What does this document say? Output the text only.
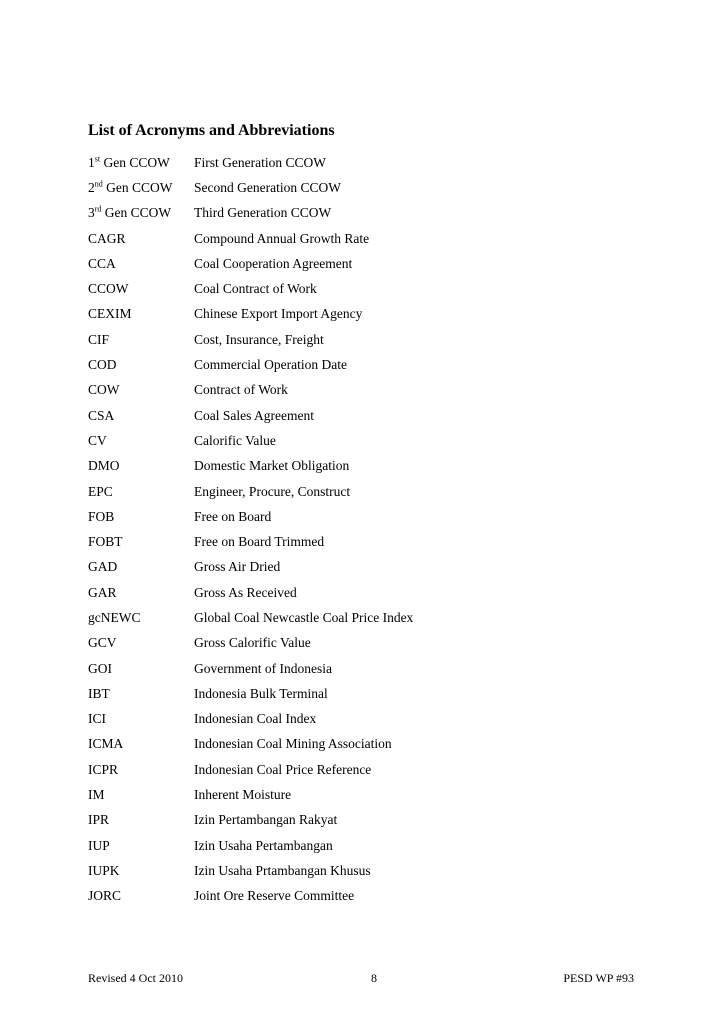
List of Acronyms and Abbreviations
1st Gen CCOW	First Generation CCOW
2nd Gen CCOW	Second Generation CCOW
3rd Gen CCOW	Third Generation CCOW
CAGR	Compound Annual Growth Rate
CCA	Coal Cooperation Agreement
CCOW	Coal Contract of Work
CEXIM	Chinese Export Import Agency
CIF	Cost, Insurance, Freight
COD	Commercial Operation Date
COW	Contract of Work
CSA	Coal Sales Agreement
CV	Calorific Value
DMO	Domestic Market Obligation
EPC	Engineer, Procure, Construct
FOB	Free on Board
FOBT	Free on Board Trimmed
GAD	Gross Air Dried
GAR	Gross As Received
gcNEWC	Global Coal Newcastle Coal Price Index
GCV	Gross Calorific Value
GOI	Government of Indonesia
IBT	Indonesia Bulk Terminal
ICI	Indonesian Coal Index
ICMA	Indonesian Coal Mining Association
ICPR	Indonesian Coal Price Reference
IM	Inherent Moisture
IPR	Izin Pertambangan Rakyat
IUP	Izin Usaha Pertambangan
IUPK	Izin Usaha Prtambangan Khusus
JORC	Joint Ore Reserve Committee
Revised 4 Oct 2010	8	PESD WP #93
